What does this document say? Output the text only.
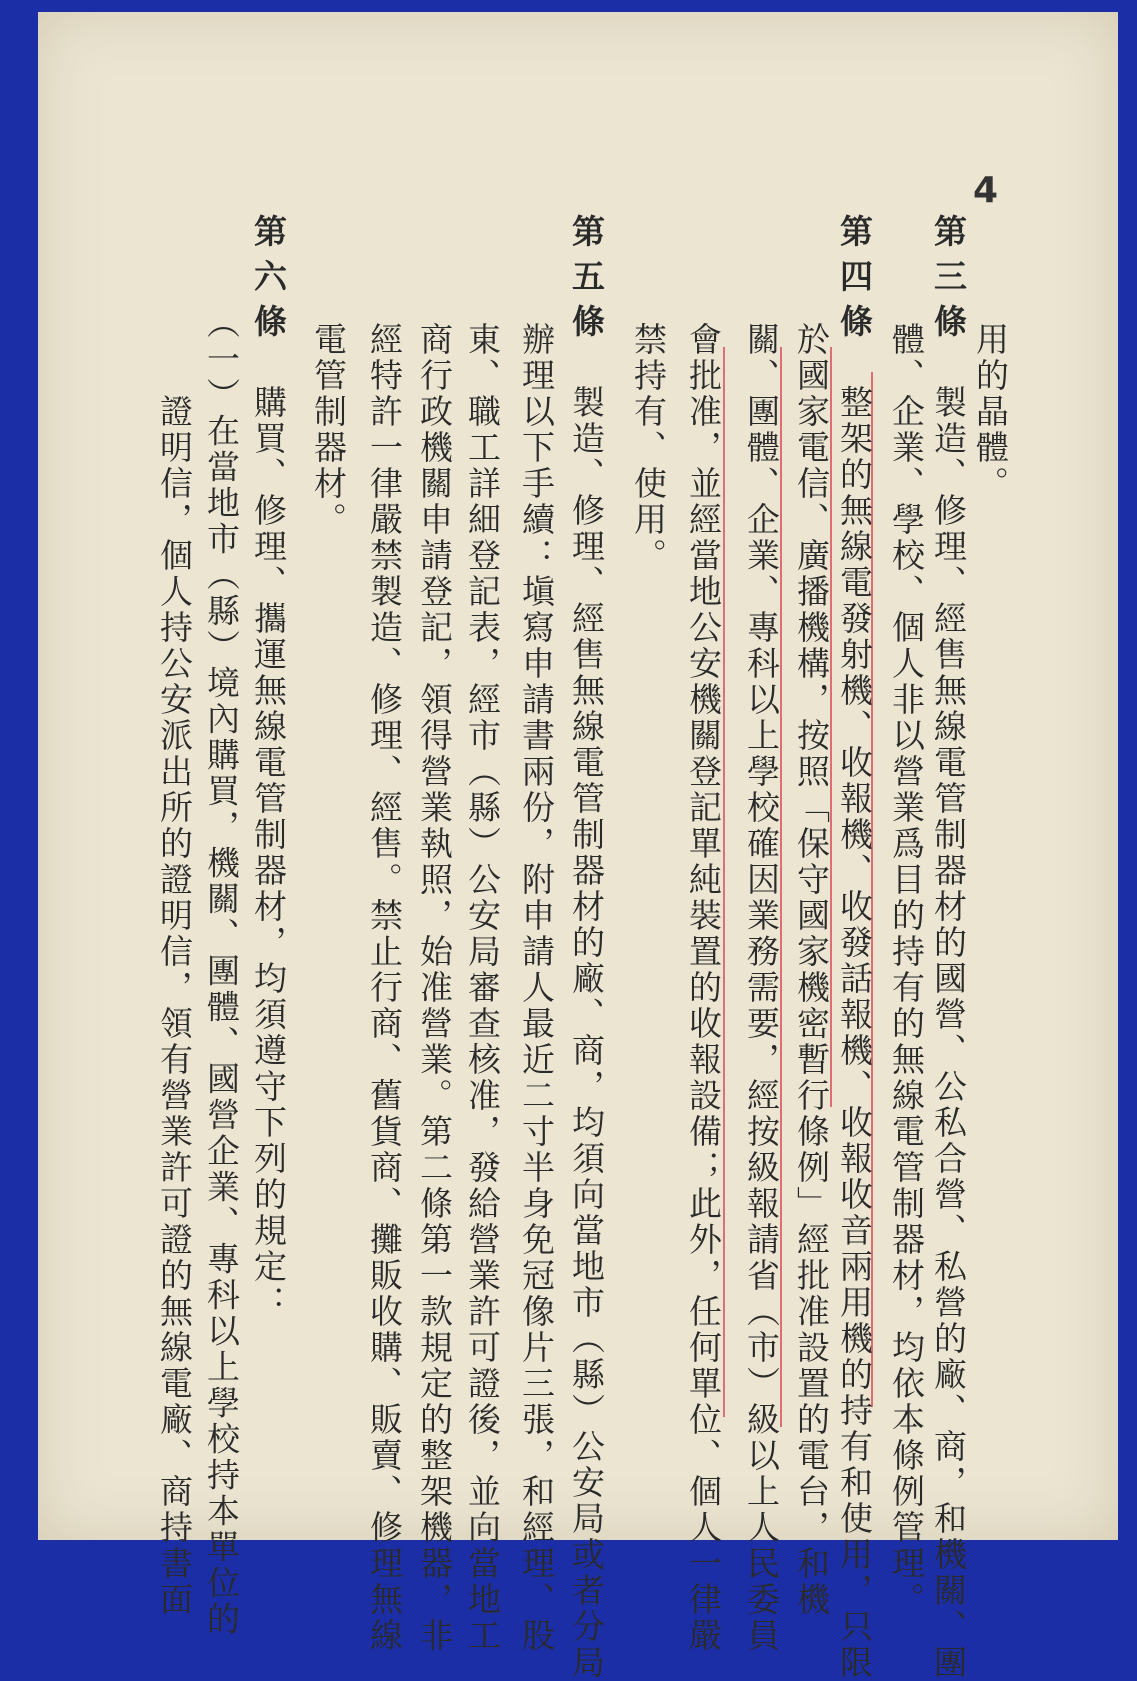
4
　　　用的晶體。
第三條　製造、修理、經售無線電管制器材的國營、公私合營、私營的廠、商，和機關、團
　　　體、企業、學校、個人非以營業爲目的持有的無線電管制器材，均依本條例管理。
第四條　整架的無線電發射機、收報機、收發話報機、收報收音兩用機的持有和使用，只限
　　　於國家電信、廣播機構，按照「保守國家機密暫行條例」經批准設置的電台，和機
　　　關、團體、企業、專科以上學校確因業務需要，經按級報請省（市）級以上人民委員
　　　會批准，並經當地公安機關登記單純裝置的收報設備；此外，任何單位、個人一律嚴
　　　禁持有、使用。
第五條　製造、修理、經售無線電管制器材的廠、商，均須向當地市（縣）公安局或者分局
　　　辦理以下手續：塡寫申請書兩份，附申請人最近二寸半身免冠像片三張，和經理、股
　　　東、職工詳細登記表，經市（縣）公安局審查核准，發給營業許可證後，並向當地工
　　　商行政機關申請登記，領得營業執照，始准營業。第二條第一款規定的整架機器，非
　　　經特許一律嚴禁製造、修理、經售。禁止行商、舊貨商、攤販收購、販賣、修理無線
　　　電管制器材。
第六條　購買、修理、攜運無線電管制器材，均須遵守下列的規定：
　　　（一）在當地市（縣）境內購買，機關、團體、國營企業、專科以上學校持本單位的
　　　　　證明信，個人持公安派出所的證明信，領有營業許可證的無線電廠、商持書面
